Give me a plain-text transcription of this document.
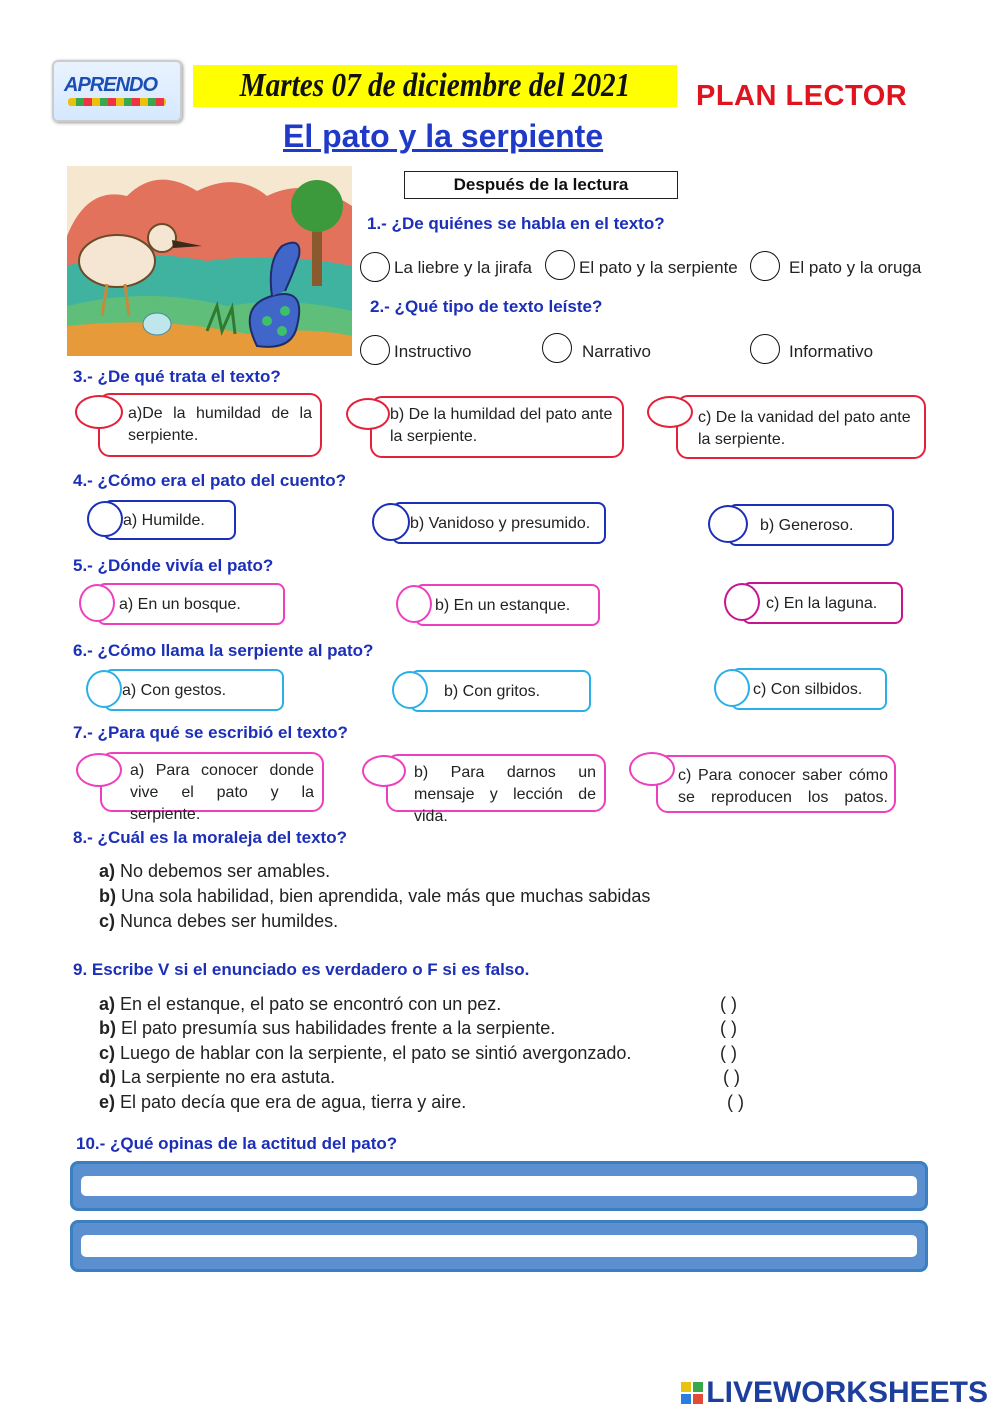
APRENDO	Martes 07 de diciembre del 2021	PLAN LECTOR
El pato y la serpiente
Después de la lectura
1.- ¿De quiénes se habla en el texto?
La liebre y la jirafa	El pato y la serpiente	El pato y la oruga
2.- ¿Qué tipo de texto leíste?
Instructivo	Narrativo	Informativo
3.- ¿De qué trata el texto?
a)De la humildad de la serpiente.
b) De la humildad del pato ante la serpiente.
c) De la vanidad del pato ante la serpiente.
4.- ¿Cómo era el pato del cuento?
a) Humilde.	b) Vanidoso y presumido.	b) Generoso.
5.- ¿Dónde vivía el pato?
a) En un bosque.	b) En un estanque.	c) En la laguna.
6.- ¿Cómo llama la serpiente al pato?
a) Con gestos.	b) Con gritos.	c) Con silbidos.
7.- ¿Para qué se escribió el texto?
a) Para conocer donde vive el pato y la serpiente.
b) Para darnos un mensaje y lección de vida.
c) Para conocer saber cómo se reproducen los patos.
8.- ¿Cuál es la moraleja del texto?
a) No debemos ser amables.
b) Una sola habilidad, bien aprendida, vale más que muchas sabidas
c) Nunca debes ser humildes.
9. Escribe V si el enunciado es verdadero o F si es falso.
a) En el estanque, el pato se encontró con un pez.	( )
b) El pato presumía sus habilidades frente a la serpiente.	( )
c) Luego de hablar con la serpiente, el pato se sintió avergonzado.	( )
d) La serpiente no era astuta.	( )
e) El pato decía que era de agua, tierra y aire.	( )
10.- ¿Qué opinas de la actitud del pato?
LIVEWORKSHEETS
